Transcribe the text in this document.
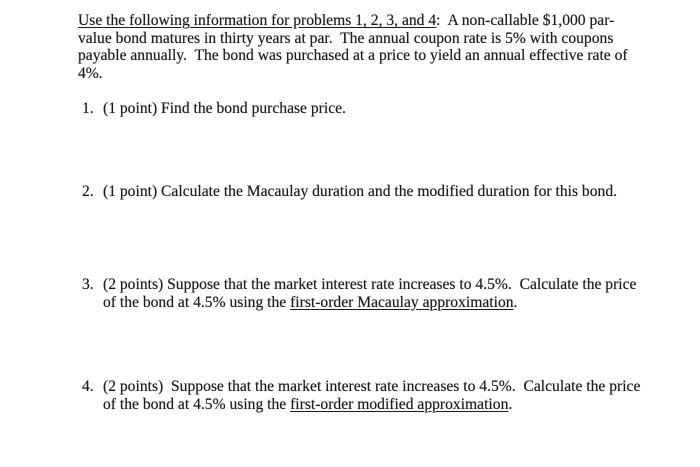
Use the following information for problems 1, 2, 3, and 4:  A non-callable $1,000 par-
value bond matures in thirty years at par.  The annual coupon rate is 5% with coupons
payable annually.  The bond was purchased at a price to yield an annual effective rate of
4%.
1. (1 point) Find the bond purchase price.
2. (1 point) Calculate the Macaulay duration and the modified duration for this bond.
3. (2 points) Suppose that the market interest rate increases to 4.5%.  Calculate the price
of the bond at 4.5% using the first-order Macaulay approximation.
4. (2 points)  Suppose that the market interest rate increases to 4.5%.  Calculate the price
of the bond at 4.5% using the first-order modified approximation.
